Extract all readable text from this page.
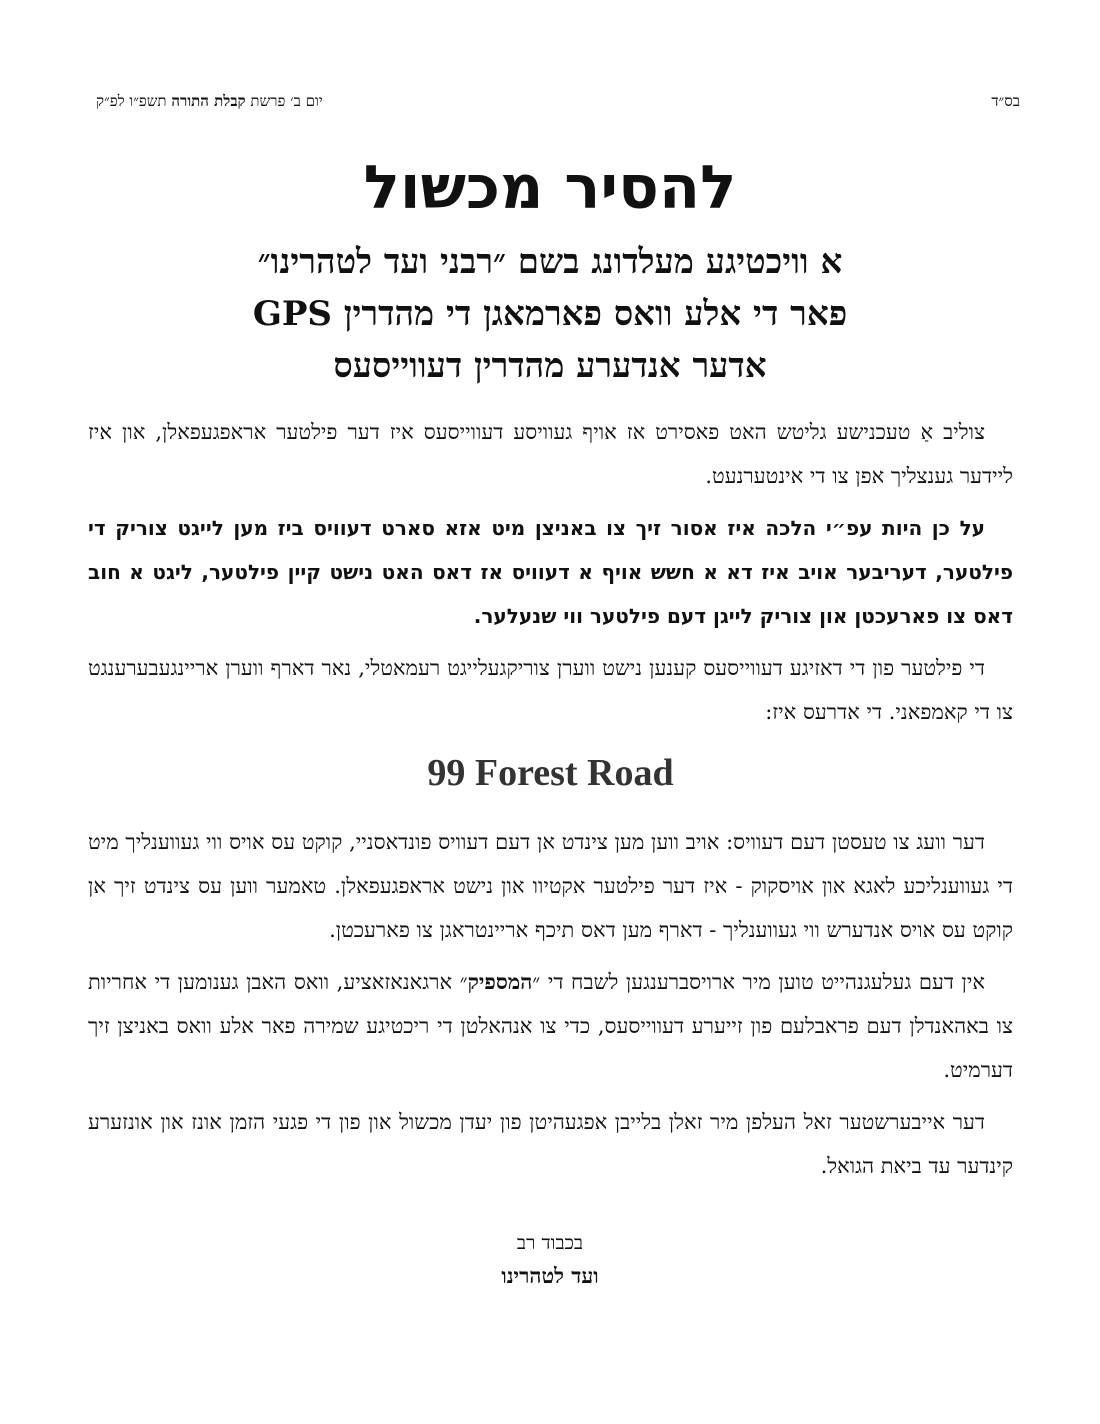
בס״ד
יום ב׳ פרשת קבלת התורה תשפ״ו לפ״ק
להסיר מכשול
א וויכטיגע מעלדונג בשם ״רבני ועד לטהרינו״
פאר די אלע וואס פארמאגן די מהדרין GPS
אדער אנדערע מהדרין דעווייסעס

צוליב אַ טעכנישע גליטש האט פאסירט אז אויף געוויסע דעווייסעס איז דער פילטער אראפגעפאלן, און איז ליידער גענצליך אפן צו די אינטערנעט.

על כן היות עפ״י הלכה איז אסור זיך צו באניצן מיט אזא סארט דעוויס ביז מען לייגט צוריק די פילטער, דעריבער אויב איז דא א חשש אויף א דעוויס אז דאס האט נישט קיין פילטער, ליגט א חוב דאס צו פארעכטן און צוריק לייגן דעם פילטער ווי שנעלער.

די פילטער פון די דאזיגע דעווייסעס קענען נישט ווערן צוריקגעלייגט רעמאטלי, נאר דארף ווערן אריינגעבערענגט צו די קאמפאני. די אדרעס איז:

99 Forest Road

דער וועג צו טעסטן דעם דעוויס: אויב ווען מען צינדט אן דעם דעוויס פונדאסניי, קוקט עס אויס ווי געווענליך מיט די געווענליכע לאגא און אויסקוק - איז דער פילטער אקטיוו און נישט אראפגעפאלן. טאמער ווען עס צינדט זיך אן קוקט עס אויס אנדערש ווי געווענליך - דארף מען דאס תיכף אריינטראגן צו פארעכטן.

אין דעם געלעגנהייט טוען מיר ארויסברענגען לשבח די ״המספיק״ ארגאנאזאציע, וואס האבן גענומען די אחריות צו באהאנדלן דעם פראבלעם פון זייערע דעווייסעס, כדי צו אנהאלטן די ריכטיגע שמירה פאר אלע וואס באניצן זיך דערמיט.

דער אייבערשטער זאל העלפן מיר זאלן בלייבן אפגעהיטן פון יעדן מכשול און פון די פגעי הזמן אונז און אונזערע קינדער עד ביאת הגואל.

בכבוד רב
ועד לטהרינו
